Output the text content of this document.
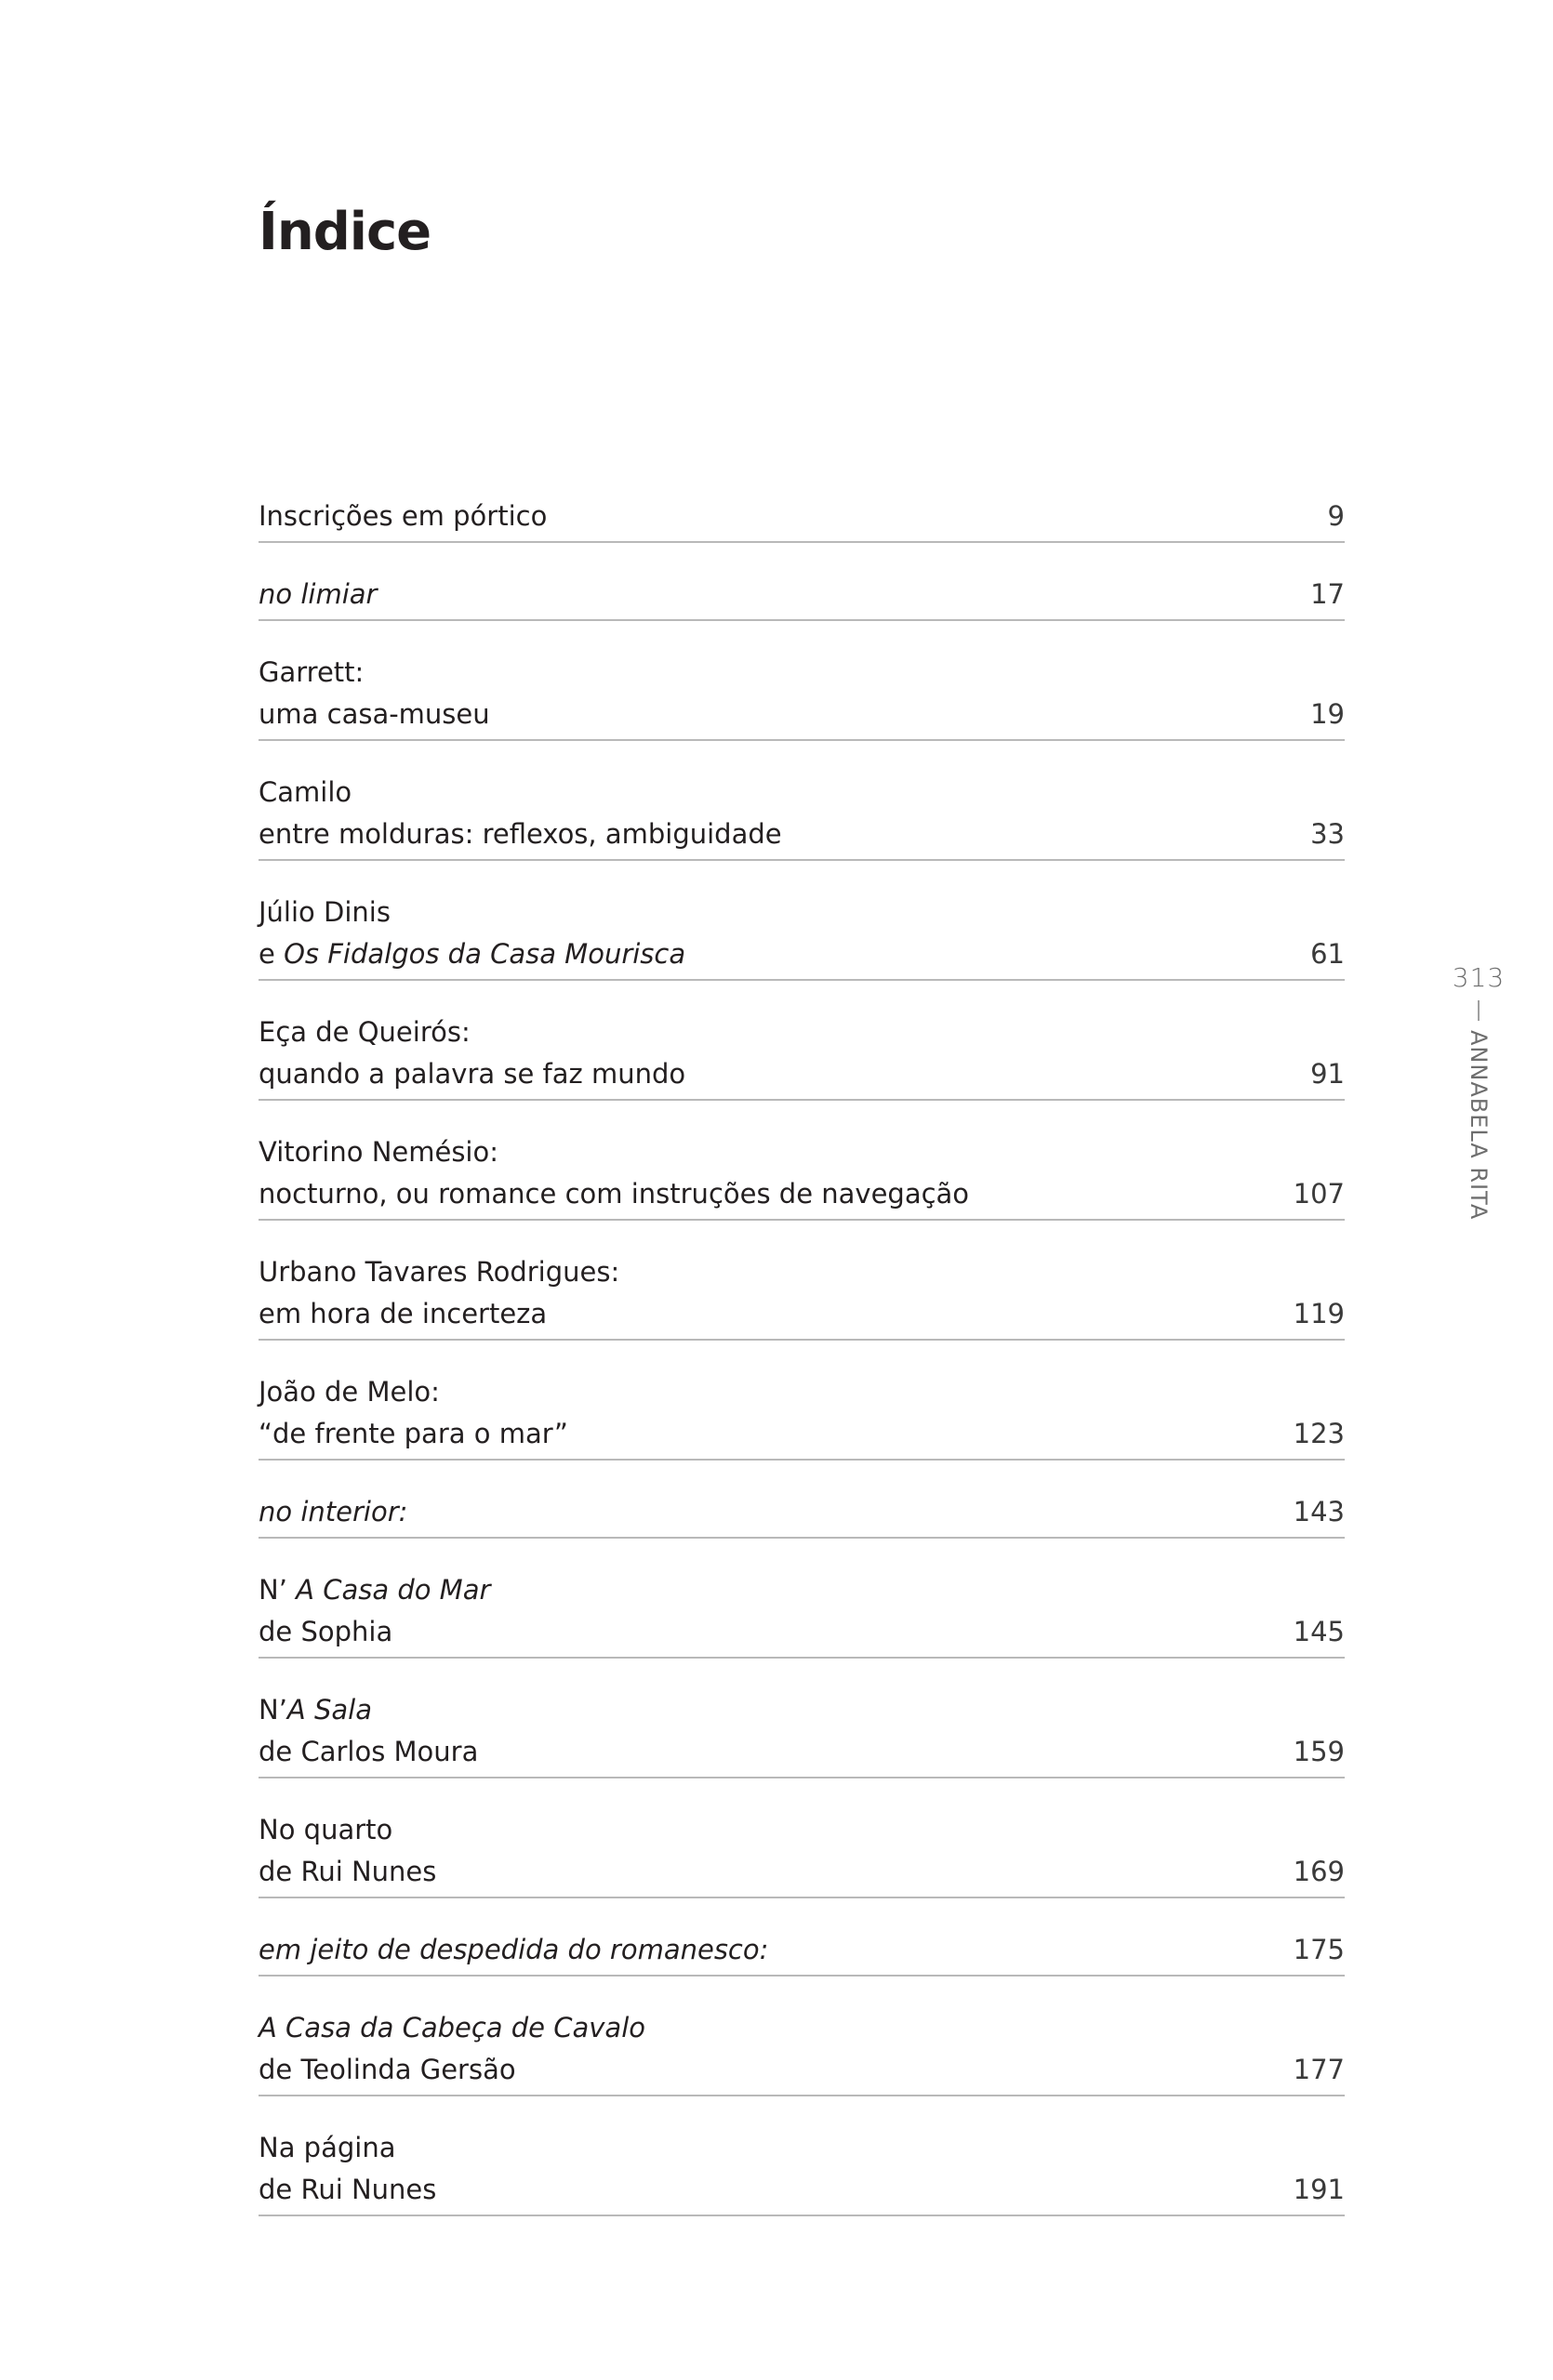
Índice
Inscrições em pórtico	9
no limiar	17
Garrett:
uma casa-museu	19
Camilo
entre molduras: reflexos, ambiguidade	33
Júlio Dinis
e Os Fidalgos da Casa Mourisca	61
Eça de Queirós:
quando a palavra se faz mundo	91
Vitorino Nemésio:
nocturno, ou romance com instruções de navegação	107
Urbano Tavares Rodrigues:
em hora de incerteza	119
João de Melo:
“de frente para o mar”	123
no interior:	143
N’ A Casa do Mar
de Sophia	145
N’A Sala
de Carlos Moura	159
No quarto
de Rui Nunes	169
em jeito de despedida do romanesco:	175
A Casa da Cabeça de Cavalo
de Teolinda Gersão	177
Na página
de Rui Nunes	191
313
ANNABELA RITA
